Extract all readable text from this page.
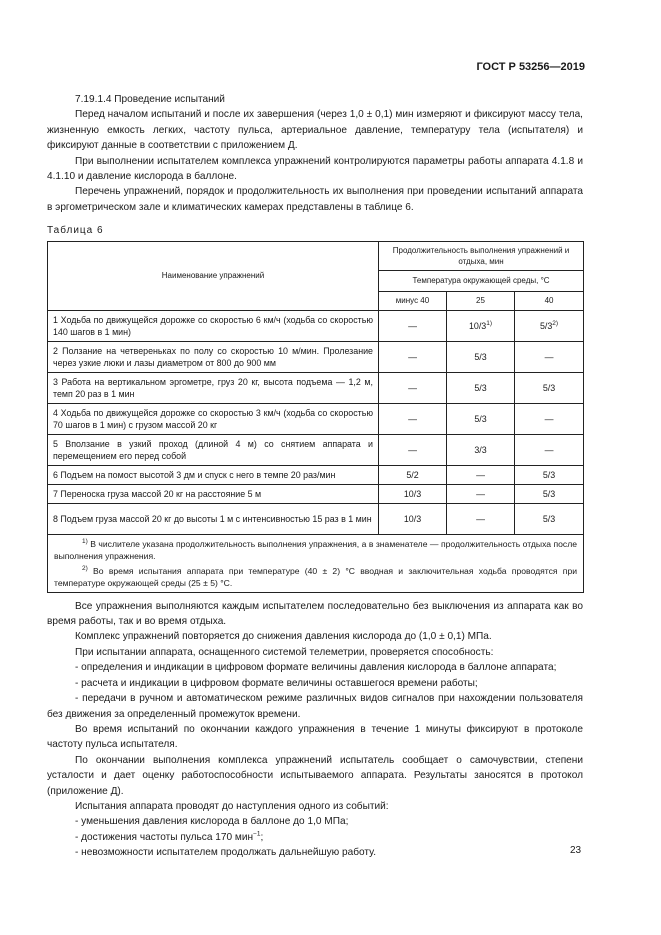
ГОСТ Р 53256—2019

7.19.1.4 Проведение испытаний

Перед началом испытаний и после их завершения (через 1,0 ± 0,1) мин измеряют и фиксируют массу тела, жизненную емкость легких, частоту пульса, артериальное давление, температуру тела (испытателя) и фиксируют данные в соответствии с приложением Д.

При выполнении испытателем комплекса упражнений контролируются параметры работы аппарата 4.1.8 и 4.1.10 и давление кислорода в баллоне.

Перечень упражнений, порядок и продолжительность их выполнения при проведении испытаний аппарата в эргометрическом зале и климатических камерах представлены в таблице 6.

Таблица 6
Наименование упражнений	Продолжительность выполнения упражнений и отдыха, мин		
	Температура окружающей среды, °С		
	минус 40	25	40
1 Ходьба по движущейся дорожке со скоростью 6 км/ч (ходьба со скоростью 140 шагов в 1 мин)	—	10/3$^{1)}$	5/3$^{2)}$
2 Ползание на четвереньках по полу со скоростью 10 м/мин. Пролезание через узкие люки и лазы диаметром от 800 до 900 мм	—	5/3	—
3 Работа на вертикальном эргометре, груз 20 кг, высота подъема — 1,2 м, темп 20 раз в 1 мин	—	5/3	5/3
4 Ходьба по движущейся дорожке со скоростью 3 км/ч (ходьба со скоростью 70 шагов в 1 мин) с грузом массой 20 кг	—	5/3	—
5 Вползание в узкий проход (длиной 4 м) со снятием аппарата и перемещением его перед собой	—	3/3	—
6 Подъем на помост высотой 3 дм и спуск с него в темпе 20 раз/мин	5/2	—	5/3
7 Переноска груза массой 20 кг на расстояние 5 м	10/3	—	5/3
8 Подъем груза массой 20 кг до высоты 1 м с интенсивностью 15 раз в 1 мин	10/3	—	5/3

$^{1)}$ В числителе указана продолжительность выполнения упражнения, а в знаменателе — продолжительность отдыха после выполнения упражнения.
$^{2)}$ Во время испытания аппарата при температуре (40 ± 2) °С вводная и заключительная ходьба проводятся при температуре окружающей среды (25 ± 5) °С.			

Все упражнения выполняются каждым испытателем последовательно без выключения из аппарата как во время работы, так и во время отдыха.

Комплекс упражнений повторяется до снижения давления кислорода до (1,0 ± 0,1) МПа.

При испытании аппарата, оснащенного системой телеметрии, проверяется способность:

- определения и индикации в цифровом формате величины давления кислорода в баллоне аппарата;

- расчета и индикации в цифровом формате величины оставшегося времени работы;

- передачи в ручном и автоматическом режиме различных видов сигналов при нахождении пользователя без движения за определенный промежуток времени.

Во время испытаний по окончании каждого упражнения в течение 1 минуты фиксируют в протоколе частоту пульса испытателя.

По окончании выполнения комплекса упражнений испытатель сообщает о самочувствии, степени усталости и дает оценку работоспособности испытываемого аппарата. Результаты заносятся в протокол (приложение Д).

Испытания аппарата проводят до наступления одного из событий:

- уменьшения давления кислорода в баллоне до 1,0 МПа;

- достижения частоты пульса 170 мин$^{-1}$;

- невозможности испытателем продолжать дальнейшую работу.	23
